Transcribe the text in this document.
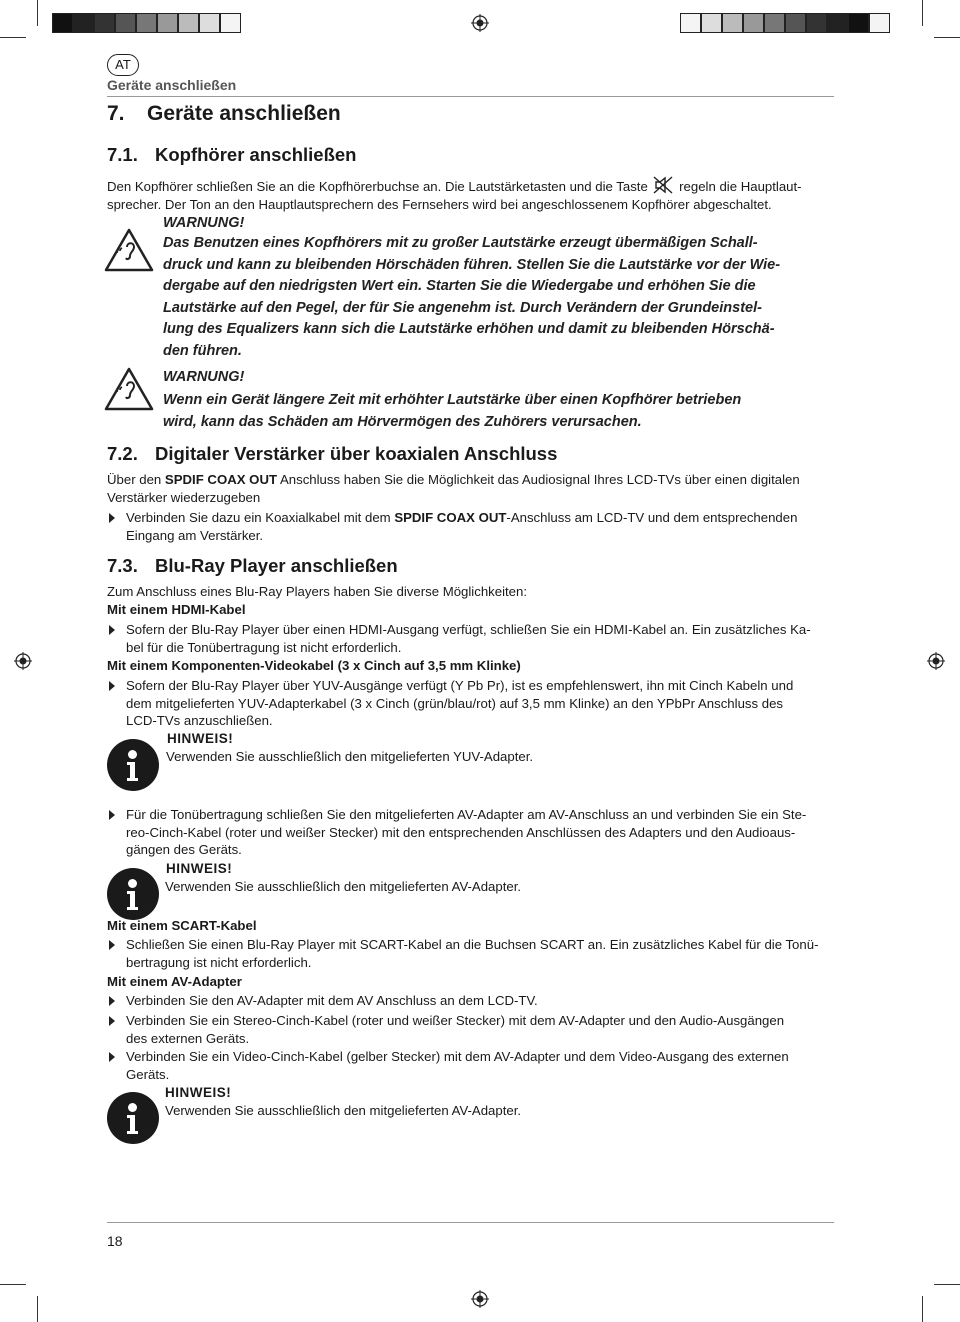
AT
Geräte anschließen
7. Geräte anschließen
7.1. Kopfhörer anschließen
Den Kopfhörer schließen Sie an die Kopfhörerbuchse an. Die Lautstärketasten und die Taste regeln die Hauptlaut-
sprecher. Der Ton an den Hauptlautsprechern des Fernsehers wird bei angeschlossenem Kopfhörer abgeschaltet.
WARNUNG!
Das Benutzen eines Kopfhörers mit zu großer Lautstärke erzeugt übermäßigen Schall-
druck und kann zu bleibenden Hörschäden führen. Stellen Sie die Lautstärke vor der Wie-
dergabe auf den niedrigsten Wert ein. Starten Sie die Wiedergabe und erhöhen Sie die
Lautstärke auf den Pegel, der für Sie angenehm ist. Durch Verändern der Grundeinstel-
lung des Equalizers kann sich die Lautstärke erhöhen und damit zu bleibenden Hörschä-
den führen.
WARNUNG!
Wenn ein Gerät längere Zeit mit erhöhter Lautstärke über einen Kopfhörer betrieben
wird, kann das Schäden am Hörvermögen des Zuhörers verursachen.
7.2. Digitaler Verstärker über koaxialen Anschluss
Über den SPDIF COAX OUT Anschluss haben Sie die Möglichkeit das Audiosignal Ihres LCD-TVs über einen digitalen
Verstärker wiederzugeben
Verbinden Sie dazu ein Koaxialkabel mit dem SPDIF COAX OUT-Anschluss am LCD-TV und dem entsprechenden
Eingang am Verstärker.
7.3. Blu-Ray Player anschließen
Zum Anschluss eines Blu-Ray Players haben Sie diverse Möglichkeiten:
Mit einem HDMI-Kabel
Sofern der Blu-Ray Player über einen HDMI-Ausgang verfügt, schließen Sie ein HDMI-Kabel an. Ein zusätzliches Ka-
bel für die Tonübertragung ist nicht erforderlich.
Mit einem Komponenten-Videokabel (3 x Cinch auf 3,5 mm Klinke)
Sofern der Blu-Ray Player über YUV-Ausgänge verfügt (Y Pb Pr), ist es empfehlenswert, ihn mit Cinch Kabeln und
dem mitgelieferten YUV-Adapterkabel (3 x Cinch (grün/blau/rot) auf 3,5 mm Klinke) an den YPbPr Anschluss des
LCD-TVs anzuschließen.
HINWEIS!
Verwenden Sie ausschließlich den mitgelieferten YUV-Adapter.
Für die Tonübertragung schließen Sie den mitgelieferten AV-Adapter am AV-Anschluss an und verbinden Sie ein Ste-
reo-Cinch-Kabel (roter und weißer Stecker) mit den entsprechenden Anschlüssen des Adapters und den Audioaus-
gängen des Geräts.
HINWEIS!
Verwenden Sie ausschließlich den mitgelieferten AV-Adapter.
Mit einem SCART-Kabel
Schließen Sie einen Blu-Ray Player mit SCART-Kabel an die Buchsen SCART an. Ein zusätzliches Kabel für die Tonü-
bertragung ist nicht erforderlich.
Mit einem AV-Adapter
Verbinden Sie den AV-Adapter mit dem AV Anschluss an dem LCD-TV.
Verbinden Sie ein Stereo-Cinch-Kabel (roter und weißer Stecker) mit dem AV-Adapter und den Audio-Ausgängen
des externen Geräts.
Verbinden Sie ein Video-Cinch-Kabel (gelber Stecker) mit dem AV-Adapter und dem Video-Ausgang des externen
Geräts.
HINWEIS!
Verwenden Sie ausschließlich den mitgelieferten AV-Adapter.
18
